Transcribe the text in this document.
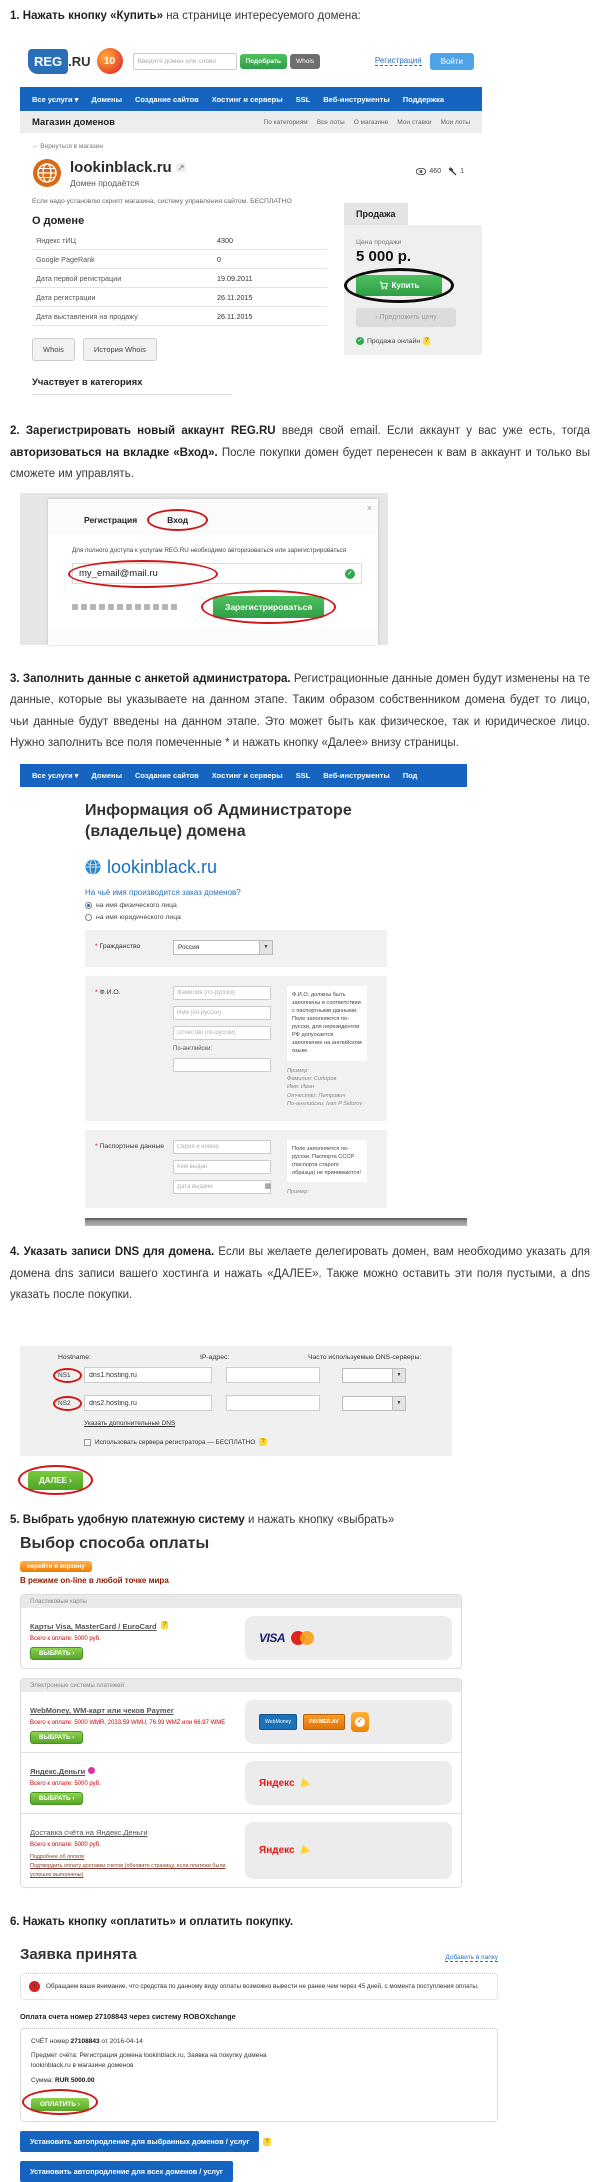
1. Нажать кнопку «Купить» на странице интересуемого домена:

REG .RU	10
Введите домен или слово	Подобрать	Whois	Регистрация	Войти
Все услуги ▾ Домены Создание сайтов Хостинг и серверы SSL Веб-инструменты Поддержка
Магазин доменов	По категориям Все лоты О магазине Мои ставки Мои лоты
← Вернуться в магазин
lookinblack.ru ↗
Домен продаётся
460	1
Если надо установлю скрипт магазина, систему управления сайтом. БЕСПЛАТНО
О домене
Яндекс тИЦ	4300
Google PageRank	0
Дата первой регистрации	19.09.2011
Дата регистрации	26.11.2015
Дата выставления на продажу	26.11.2015
Whois	История Whois
Участвует в категориях
Продажа
Цена продажи
5 000 р.
Купить
‹ Предложить цену
✓ Продажа онлайн ?

2. Зарегистрировать новый аккаунт REG.RU введя свой email. Если аккаунт у вас уже есть, тогда авторизоваться на вкладке «Вход». После покупки домен будет перенесен к вам в аккаунт и только вы сможете им управлять.

×
Регистрация	Вход
Для полного доступа к услугам REG.RU необходимо авторизоваться или зарегистрироваться
my_email@mail.ru
✓
Зарегистрироваться

3. Заполнить данные с анкетой администратора. Регистрационные данные домен будут изменены на те данные, которые вы указываете на данном этапе. Таким образом собственником домена будет то лицо, чьи данные будут введены на данном этапе. Это может быть как физическое, так и юридическое лицо. Нужно заполнить все поля помеченные * и нажать кнопку «Далее» внизу страницы.

Все услуги ▾ Домены Создание сайтов Хостинг и серверы SSL Веб-инструменты Под
Информация об Администраторе (владельце) домена
lookinblack.ru
На чьё имя производится заказ доменов?
на имя физического лица
на имя юридического лица
* Гражданство	Россия	▼
* Ф.И.О.
Фамилия (по-русски)
Имя (по-русски)
Отчество (по-русски)
По-английски:
Ф.И.О. должны быть заполнены в соответствии с паспортными данными. Поле заполняется по-русски, для нерезидентов РФ допускается заполнение на английском языке.
Пример:
Фамилия: Сидоров
Имя: Иван
Отчество: Петрович
По-английски: Ivan P Sidorov
* Паспортные данные
Серия и номер
Кем выдан
Дата выдачи
▦
Поле заполняется по-русски. Паспорта СССР (паспорта старого образца) не принимаются!
Пример:

4. Указать записи DNS для домена. Если вы желаете делегировать домен, вам необходимо указать для домена dns записи вашего хостинга и нажать «ДАЛЕЕ». Также можно оставить эти поля пустыми, а dns указать после покупки.

Hostname:	IP-адрес:	Часто используемые DNS-серверы:
NS1
dns1.hosting.ru	▼
NS2
dns2.hosting.ru	▼
Указать дополнительные DNS
Использовать сервера регистратора — БЕСПЛАТНО	?
ДАЛЕЕ ›

5. Выбрать удобную платежную систему и нажать кнопку «выбрать»

Выбор способа оплаты
перейти в корзину
В режиме on-line в любой точке мира
Пластиковые карты
Карты Visa, MasterCard / EuroCard ?
Всего к оплате: 5000 руб.
ВЫБРАТЬ ›
VISA
Электронные системы платежей
WebMoney, WM-карт или чеков Paymer
Всего к оплате: 5000 WMR, 2033.59 WMU, 76.93 WMZ или 66.97 WME
ВЫБРАТЬ ›
WebMoney	PAYMER.AV	✓
Яндекс.Деньги
Всего к оплате: 5000 руб.
ВЫБРАТЬ ›
Яндекс
Доставка счёта на Яндекс.Деньги
Всего к оплате: 5000 руб.
Подробнее об оплате
Подтвердить оплату доставки счетов (обновите страницу, если платежи были успешно выполнены)
Яндекс

6. Нажать кнопку «оплатить» и оплатить покупку.

Заявка принята	Добавить в папку
!	Обращаем ваше внимание, что средства по данному виду оплаты возможно вывести не ранее чем через 45 дней, с момента поступления оплаты.
Оплата счета номер 27108843 через систему ROBOXchange
СЧЁТ номер 27108843 от 2016-04-14
Предмет счёта: Регистрация домена lookinblack.ru, Заявка на покупку домена lookinblack.ru в магазине доменов
Сумма: RUR 5000.00
ОПЛАТИТЬ ›
Установить автопродление для выбранных доменов / услуг	?
Установить автопродление для всех доменов / услуг
